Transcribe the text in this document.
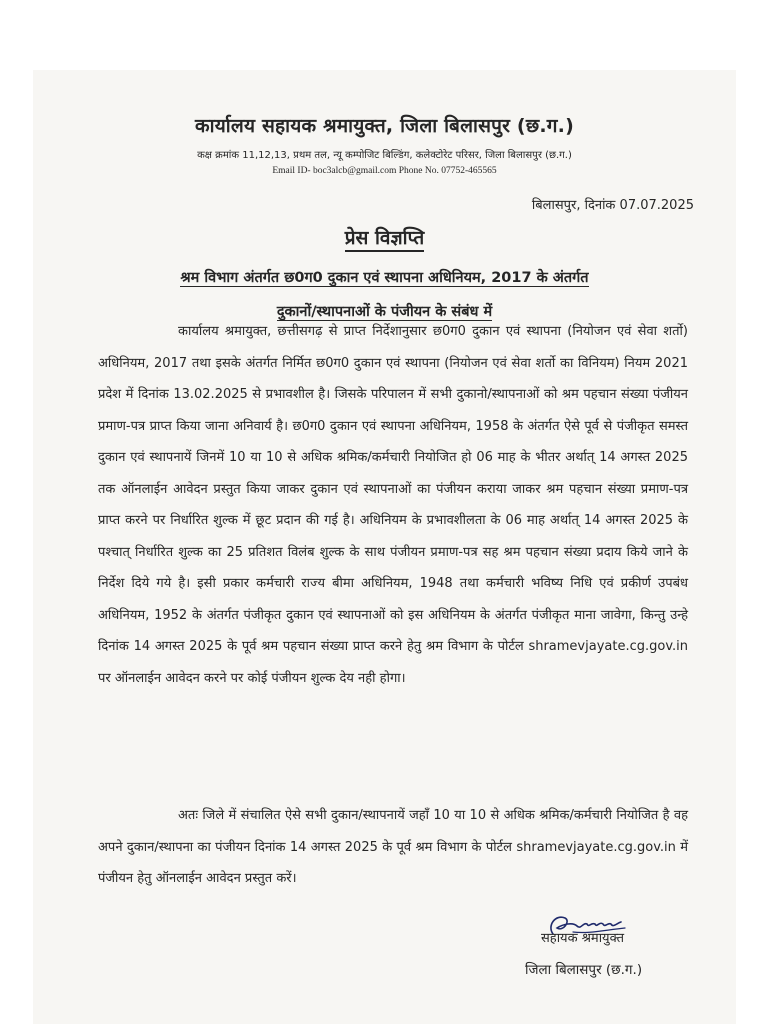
कार्यालय सहायक श्रमायुक्त, जिला बिलासपुर (छ.ग.)
कक्ष क्रमांक 11,12,13, प्रथम तल, न्यू कम्पोजिट बिल्डिंग, कलेक्टोरेट परिसर, जिला बिलासपुर (छ.ग.)
Email ID- boc3alcb@gmail.com Phone No. 07752-465565
बिलासपुर, दिनांक 07.07.2025
प्रेस विज्ञप्ति
श्रम विभाग अंतर्गत छ0ग0 दुकान एवं स्थापना अधिनियम, 2017 के अंतर्गत
दुकानों/स्थापनाओं के पंजीयन के संबंध में

कार्यालय श्रमायुक्त, छत्तीसगढ़ से प्राप्त निर्देशानुसार छ0ग0 दुकान एवं स्थापना (नियोजन एवं सेवा शर्तो) अधिनियम, 2017 तथा इसके अंतर्गत निर्मित छ0ग0 दुकान एवं स्थापना (नियोजन एवं सेवा शर्तो का विनियम) नियम 2021 प्रदेश में दिनांक 13.02.2025 से प्रभावशील है। जिसके परिपालन में सभी दुकानो/स्थापनाओं को श्रम पहचान संख्या पंजीयन प्रमाण-पत्र प्राप्त किया जाना अनिवार्य है। छ0ग0 दुकान एवं स्थापना अधिनियम, 1958 के अंतर्गत ऐसे पूर्व से पंजीकृत समस्त दुकान एवं स्थापनायें जिनमें 10 या 10 से अधिक श्रमिक/कर्मचारी नियोजित हो 06 माह के भीतर अर्थात् 14 अगस्त 2025 तक ऑनलाईन आवेदन प्रस्तुत किया जाकर दुकान एवं स्थापनाओं का पंजीयन कराया जाकर श्रम पहचान संख्या प्रमाण-पत्र प्राप्त करने पर निर्धारित शुल्क में छूट प्रदान की गई है। अधिनियम के प्रभावशीलता के 06 माह अर्थात् 14 अगस्त 2025 के पश्चात् निर्धारित शुल्क का 25 प्रतिशत विलंब शुल्क के साथ पंजीयन प्रमाण-पत्र सह श्रम पहचान संख्या प्रदाय किये जाने के निर्देश दिये गये है। इसी प्रकार कर्मचारी राज्य बीमा अधिनियम, 1948 तथा कर्मचारी भविष्य निधि एवं प्रकीर्ण उपबंध अधिनियम, 1952 के अंतर्गत पंजीकृत दुकान एवं स्थापनाओं को इस अधिनियम के अंतर्गत पंजीकृत माना जावेगा, किन्तु उन्हे दिनांक 14 अगस्त 2025 के पूर्व श्रम पहचान संख्या प्राप्त करने हेतु श्रम विभाग के पोर्टल shramevjayate.cg.gov.in पर ऑनलाईन आवेदन करने पर कोई पंजीयन शुल्क देय नही होगा।

अतः जिले में संचालित ऐसे सभी दुकान/स्थापनायें जहाँ 10 या 10 से अधिक श्रमिक/कर्मचारी नियोजित है वह अपने दुकान/स्थापना का पंजीयन दिनांक 14 अगस्त 2025 के पूर्व श्रम विभाग के पोर्टल shramevjayate.cg.gov.in में पंजीयन हेतु ऑनलाईन आवेदन प्रस्तुत करें।

सहायक श्रमायुक्त
जिला बिलासपुर (छ.ग.)
